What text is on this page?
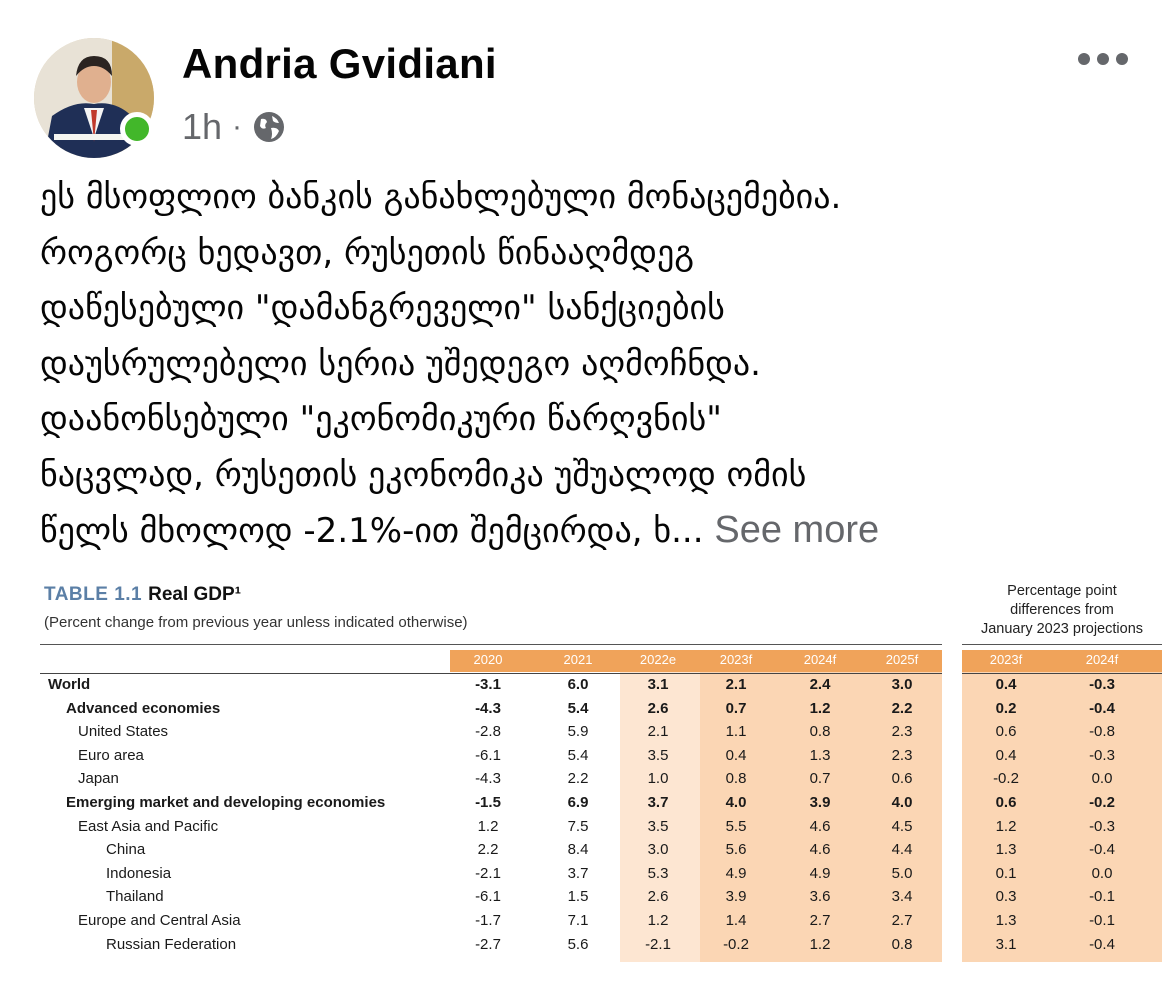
Andria Gvidiani
1h ·
ეს მსოფლიო ბანკის განახლებული მონაცემებია.
როგორც ხედავთ, რუსეთის წინააღმდეგ
დაწესებული "დამანგრეველი" სანქციების
დაუსრულებელი სერია უშედეგო აღმოჩნდა.
დაანონსებული "ეკონომიკური წარღვნის"
ნაცვლად, რუსეთის ეკონომიკა უშუალოდ ომის
წელს მხოლოდ -2.1%-ით შემცირდა, ხ... See more
TABLE 1.1 Real GDP¹
(Percent change from previous year unless indicated otherwise)
Percentage point
differences from
January 2023 projections
2020	2021	2022e	2023f	2024f	2025f	2023f	2024f
World	-3.1	6.0	3.1	2.1	2.4	3.0	0.4	-0.3
Advanced economies	-4.3	5.4	2.6	0.7	1.2	2.2	0.2	-0.4
United States	-2.8	5.9	2.1	1.1	0.8	2.3	0.6	-0.8
Euro area	-6.1	5.4	3.5	0.4	1.3	2.3	0.4	-0.3
Japan	-4.3	2.2	1.0	0.8	0.7	0.6	-0.2	0.0
Emerging market and developing economies	-1.5	6.9	3.7	4.0	3.9	4.0	0.6	-0.2
East Asia and Pacific	1.2	7.5	3.5	5.5	4.6	4.5	1.2	-0.3
China	2.2	8.4	3.0	5.6	4.6	4.4	1.3	-0.4
Indonesia	-2.1	3.7	5.3	4.9	4.9	5.0	0.1	0.0
Thailand	-6.1	1.5	2.6	3.9	3.6	3.4	0.3	-0.1
Europe and Central Asia	-1.7	7.1	1.2	1.4	2.7	2.7	1.3	-0.1
Russian Federation	-2.7	5.6	-2.1	-0.2	1.2	0.8	3.1	-0.4
